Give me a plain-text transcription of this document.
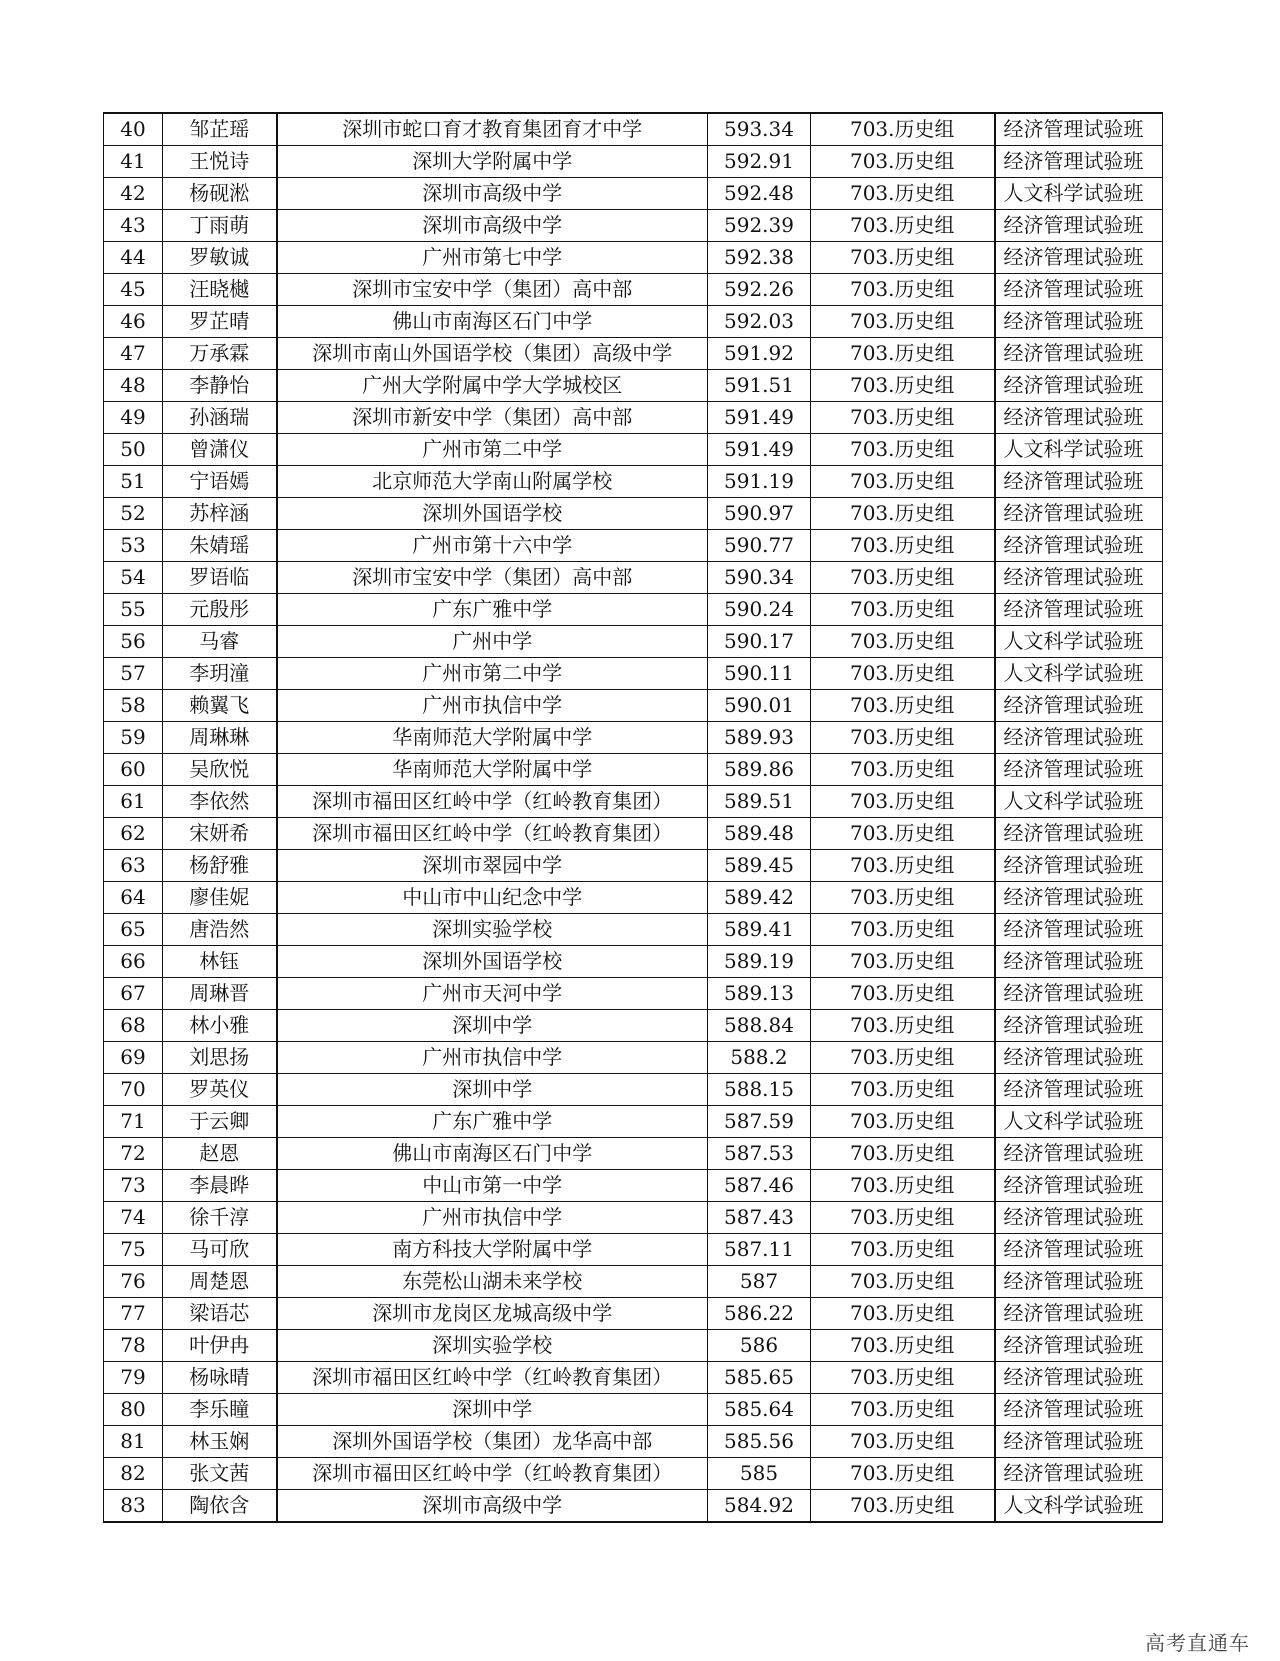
40	邹芷瑶	深圳市蛇口育才教育集团育才中学	593.34	703.历史组	经济管理试验班
41	王悦诗	深圳大学附属中学	592.91	703.历史组	经济管理试验班
42	杨砚淞	深圳市高级中学	592.48	703.历史组	人文科学试验班
43	丁雨萌	深圳市高级中学	592.39	703.历史组	经济管理试验班
44	罗敏诚	广州市第七中学	592.38	703.历史组	经济管理试验班
45	汪晓樾	深圳市宝安中学（集团）高中部	592.26	703.历史组	经济管理试验班
46	罗芷晴	佛山市南海区石门中学	592.03	703.历史组	经济管理试验班
47	万承霖	深圳市南山外国语学校（集团）高级中学	591.92	703.历史组	经济管理试验班
48	李静怡	广州大学附属中学大学城校区	591.51	703.历史组	经济管理试验班
49	孙涵瑞	深圳市新安中学（集团）高中部	591.49	703.历史组	经济管理试验班
50	曾潇仪	广州市第二中学	591.49	703.历史组	人文科学试验班
51	宁语嫣	北京师范大学南山附属学校	591.19	703.历史组	经济管理试验班
52	苏梓涵	深圳外国语学校	590.97	703.历史组	经济管理试验班
53	朱婧瑶	广州市第十六中学	590.77	703.历史组	经济管理试验班
54	罗语临	深圳市宝安中学（集团）高中部	590.34	703.历史组	经济管理试验班
55	元殷彤	广东广雅中学	590.24	703.历史组	经济管理试验班
56	马睿	广州中学	590.17	703.历史组	人文科学试验班
57	李玥潼	广州市第二中学	590.11	703.历史组	人文科学试验班
58	赖翼飞	广州市执信中学	590.01	703.历史组	经济管理试验班
59	周琳琳	华南师范大学附属中学	589.93	703.历史组	经济管理试验班
60	吴欣悦	华南师范大学附属中学	589.86	703.历史组	经济管理试验班
61	李依然	深圳市福田区红岭中学（红岭教育集团）	589.51	703.历史组	人文科学试验班
62	宋妍希	深圳市福田区红岭中学（红岭教育集团）	589.48	703.历史组	经济管理试验班
63	杨舒雅	深圳市翠园中学	589.45	703.历史组	经济管理试验班
64	廖佳妮	中山市中山纪念中学	589.42	703.历史组	经济管理试验班
65	唐浩然	深圳实验学校	589.41	703.历史组	经济管理试验班
66	林钰	深圳外国语学校	589.19	703.历史组	经济管理试验班
67	周琳晋	广州市天河中学	589.13	703.历史组	经济管理试验班
68	林小雅	深圳中学	588.84	703.历史组	经济管理试验班
69	刘思扬	广州市执信中学	588.2	703.历史组	经济管理试验班
70	罗英仪	深圳中学	588.15	703.历史组	经济管理试验班
71	于云卿	广东广雅中学	587.59	703.历史组	人文科学试验班
72	赵恩	佛山市南海区石门中学	587.53	703.历史组	经济管理试验班
73	李晨晔	中山市第一中学	587.46	703.历史组	经济管理试验班
74	徐千淳	广州市执信中学	587.43	703.历史组	经济管理试验班
75	马可欣	南方科技大学附属中学	587.11	703.历史组	经济管理试验班
76	周楚恩	东莞松山湖未来学校	587	703.历史组	经济管理试验班
77	梁语芯	深圳市龙岗区龙城高级中学	586.22	703.历史组	经济管理试验班
78	叶伊冉	深圳实验学校	586	703.历史组	经济管理试验班
79	杨咏晴	深圳市福田区红岭中学（红岭教育集团）	585.65	703.历史组	经济管理试验班
80	李乐瞳	深圳中学	585.64	703.历史组	经济管理试验班
81	林玉娴	深圳外国语学校（集团）龙华高中部	585.56	703.历史组	经济管理试验班
82	张文茜	深圳市福田区红岭中学（红岭教育集团）	585	703.历史组	经济管理试验班
83	陶依含	深圳市高级中学	584.92	703.历史组	人文科学试验班
高考直通车
